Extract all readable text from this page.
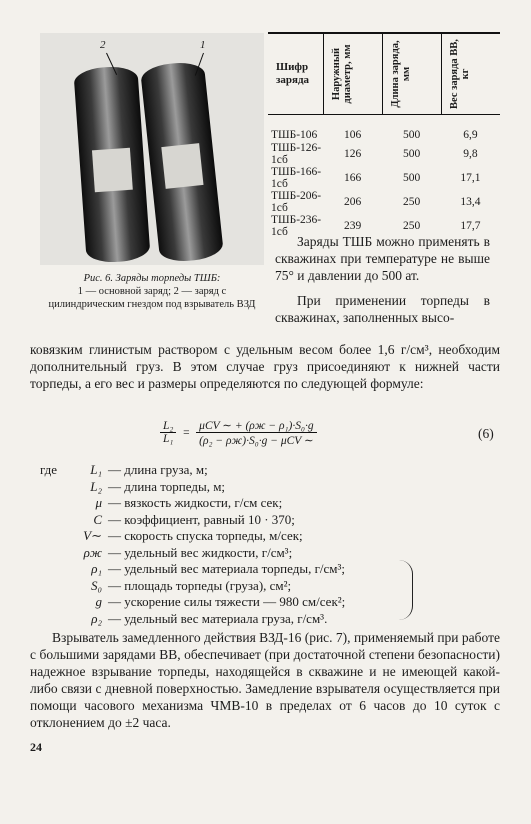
2	1
Рис. 6. Заряды торпеды ТШБ:
1 — основной заряд; 2 — заряд с цилиндрическим гнездом под взрыватель ВЗД
Шифр заряда	Наружный диаметр, мм	Длина заряда, мм	Вес заряда ВВ, кг

ТШБ-106	106	500	6,9
ТШБ-126-1сб	126	500	9,8
ТШБ-166-1сб	166	500	17,1
ТШБ-206-1сб	206	250	13,4
ТШБ-236-1сб	239	250	17,7
Заряды ТШБ можно применять в скважинах при температуре не выше 75° и давлении до 500 ат.
При применении торпеды в скважинах, заполненных высо-
ковязким глинистым раствором с удельным весом более 1,6 г/см³, необходим дополнительный груз. В этом случае груз присоединяют к нижней части торпеды, а его вес и размеры определяются по следующей формуле:
$\frac{\text{L₂}}{\text{L₁}} = \frac{\text{μCV ∼ + (ρж − ρ₁)·S₀·g}}{\text{(ρ₂ − ρж)·S₀·g − μCV ∼}}$	(6)
где	L₁ — длина груза, м;
L₂ — длина торпеды, м;
μ — вязкость жидкости, г/см сек;
C — коэффициент, равный 10 · 370;
V∼ — скорость спуска торпеды, м/сек;
ρж — удельный вес жидкости, г/см³;
ρ₁ — удельный вес материала торпеды, г/см³;
S₀ — площадь торпеды (груза), см²;
g — ускорение силы тяжести — 980 см/сек²;
ρ₂ — удельный вес материала груза, г/см³.
Взрыватель замедленного действия ВЗД-16 (рис. 7), применяемый при работе с большими зарядами ВВ, обеспечивает (при достаточной степени безопасности) надежное взрывание торпеды, находящейся в скважине и не имеющей какой-либо связи с дневной поверхностью. Замедление взрывателя осуществляется при помощи часового механизма ЧМВ-10 в пределах от 6 часов до 10 суток с отклонением до ±2 часа.
24
